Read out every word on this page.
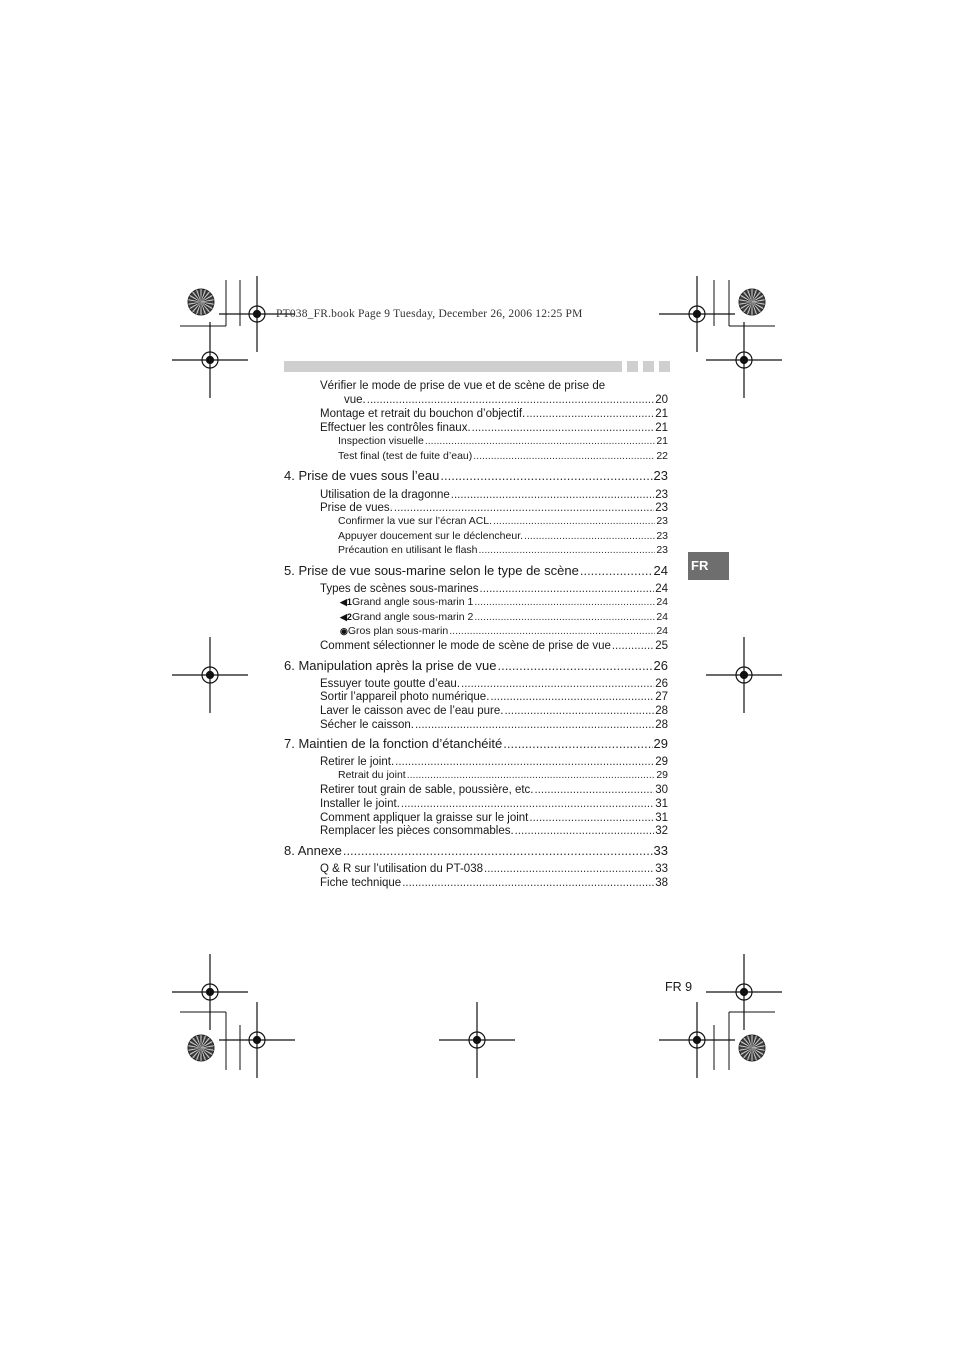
PT038_FR.book Page 9 Tuesday, December 26, 2006 12:25 PM
Vérifier le mode de prise de vue et de scène de prise de
vue. .....	20
Montage et retrait du bouchon d’objectif. .....	21
Effectuer les contrôles finaux. .....	21
Inspection visuelle .....	21
Test final (test de fuite d’eau) .....	22
4. Prise de vues sous l’eau .....	23
Utilisation de la dragonne .....	23
Prise de vues. .....	23
Confirmer la vue sur l’écran ACL. .....	23
Appuyer doucement sur le déclencheur. .....	23
Précaution en utilisant le flash .....	23
5. Prise de vue sous-marine selon le type de scène .....	24
Types de scènes sous-marines .....	24
◀1 Grand angle sous-marin 1 .....	24
◀2 Grand angle sous-marin 2 .....	24
◉ Gros plan sous-marin .....	24
Comment sélectionner le mode de scène de prise de vue .....	25
6. Manipulation après la prise de vue .....	26
Essuyer toute goutte d’eau. .....	26
Sortir l’appareil photo numérique. .....	27
Laver le caisson avec de l’eau pure. .....	28
Sécher le caisson. .....	28
7. Maintien de la fonction d’étanchéité .....	29
Retirer le joint. .....	29
Retrait du joint .....	29
Retirer tout grain de sable, poussière, etc. .....	30
Installer le joint. .....	31
Comment appliquer la graisse sur le joint .....	31
Remplacer les pièces consommables. .....	32
8. Annexe .....	33
Q & R sur l’utilisation du PT-038 .....	33
Fiche technique .....	38
FR
FR 9
